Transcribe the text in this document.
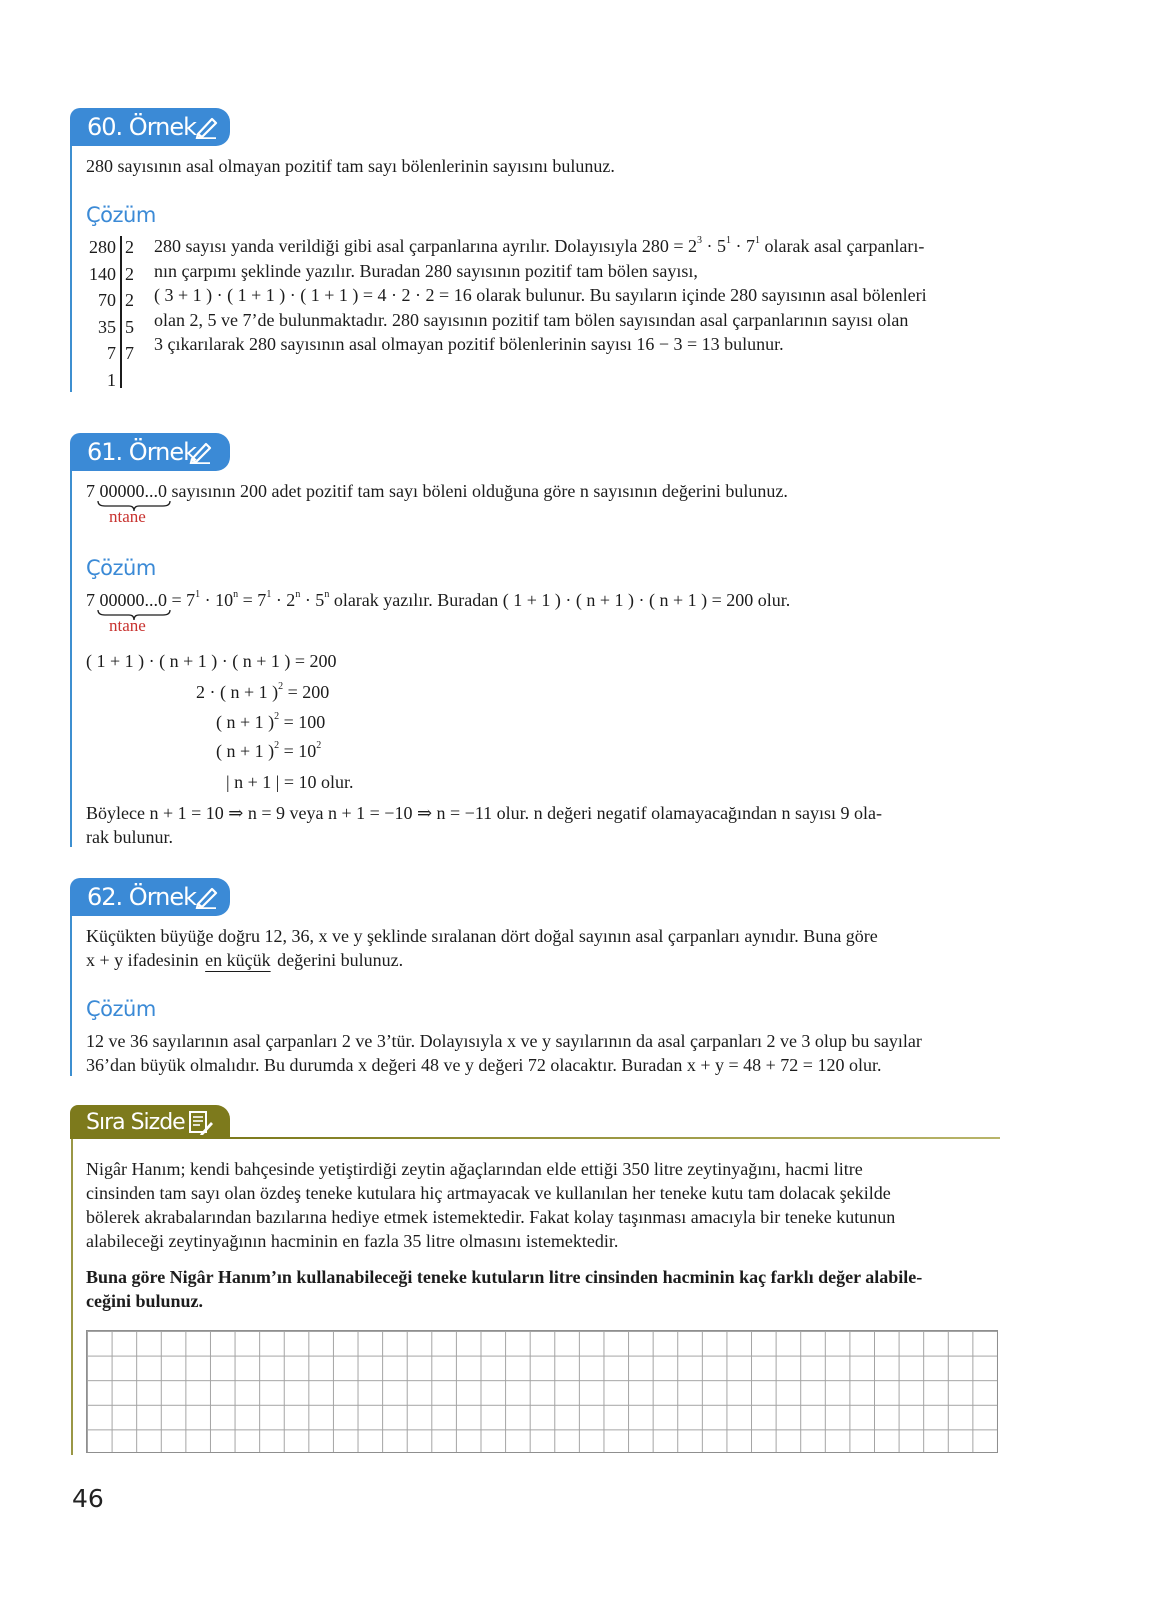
60. Örnek
280 sayısının asal olmayan pozitif tam sayı bölenlerinin sayısını bulunuz.
Çözüm
280
140
70
35
7
1
2
2
2
5
7
280 sayısı yanda verildiği gibi asal çarpanlarına ayrılır. Dolayısıyla $280 = 2^3 \cdot 5^1 \cdot 7^1$ olarak asal çarpanları-
nın çarpımı şeklinde yazılır. Buradan 280 sayısının pozitif tam bölen sayısı,
( 3 + 1 ) · ( 1 + 1 ) · ( 1 + 1 ) = 4 · 2 · 2 = 16 olarak bulunur. Bu sayıların içinde 280 sayısının asal bölenleri
olan 2, 5 ve 7’de bulunmaktadır. 280 sayısının pozitif tam bölen sayısından asal çarpanlarının sayısı olan
3 çıkarılarak 280 sayısının asal olmayan pozitif bölenlerinin sayısı 16 − 3 = 13 bulunur.
61. Örnek
7 00000...0 sayısının 200 adet pozitif tam sayı böleni olduğuna göre n sayısının değerini bulunuz.
ntane
Çözüm
7 $00000...0 = 7^1 \cdot 10^n = 7^1 \cdot 2^n \cdot 5^n$ olarak yazılır. Buradan ( 1 + 1 ) · ( n + 1 ) · ( n + 1 ) = 200 olur.
ntane
( 1 + 1 ) · ( n + 1 ) · ( n + 1 ) = 200
2 · ( n + 1 )$^2$ = 200
( n + 1 )$^2$ = 100
( n + 1 )$^2 = 10^2$
| n + 1 | = 10 olur.
Böylece n + 1 = 10 ⇒ n = 9 veya n + 1 = −10 ⇒ n = −11 olur. n değeri negatif olamayacağından n sayısı 9 ola-
rak bulunur.
62. Örnek
Küçükten büyüğe doğru 12, 36, x ve y şeklinde sıralanan dört doğal sayının asal çarpanları aynıdır. Buna göre
x + y ifadesinin en küçük değerini bulunuz.
Çözüm
12 ve 36 sayılarının asal çarpanları 2 ve 3’tür. Dolayısıyla x ve y sayılarının da asal çarpanları 2 ve 3 olup bu sayılar
36’dan büyük olmalıdır. Bu durumda x değeri 48 ve y değeri 72 olacaktır. Buradan x + y = 48 + 72 = 120 olur.
Sıra Sizde
Nigâr Hanım; kendi bahçesinde yetiştirdiği zeytin ağaçlarından elde ettiği 350 litre zeytinyağını, hacmi litre
cinsinden tam sayı olan özdeş teneke kutulara hiç artmayacak ve kullanılan her teneke kutu tam dolacak şekilde
bölerek akrabalarından bazılarına hediye etmek istemektedir. Fakat kolay taşınması amacıyla bir teneke kutunun
alabileceği zeytinyağının hacminin en fazla 35 litre olmasını istemektedir.
Buna göre Nigâr Hanım’ın kullanabileceği teneke kutuların litre cinsinden hacminin kaç farklı değer alabile-
ceğini bulunuz.
46
